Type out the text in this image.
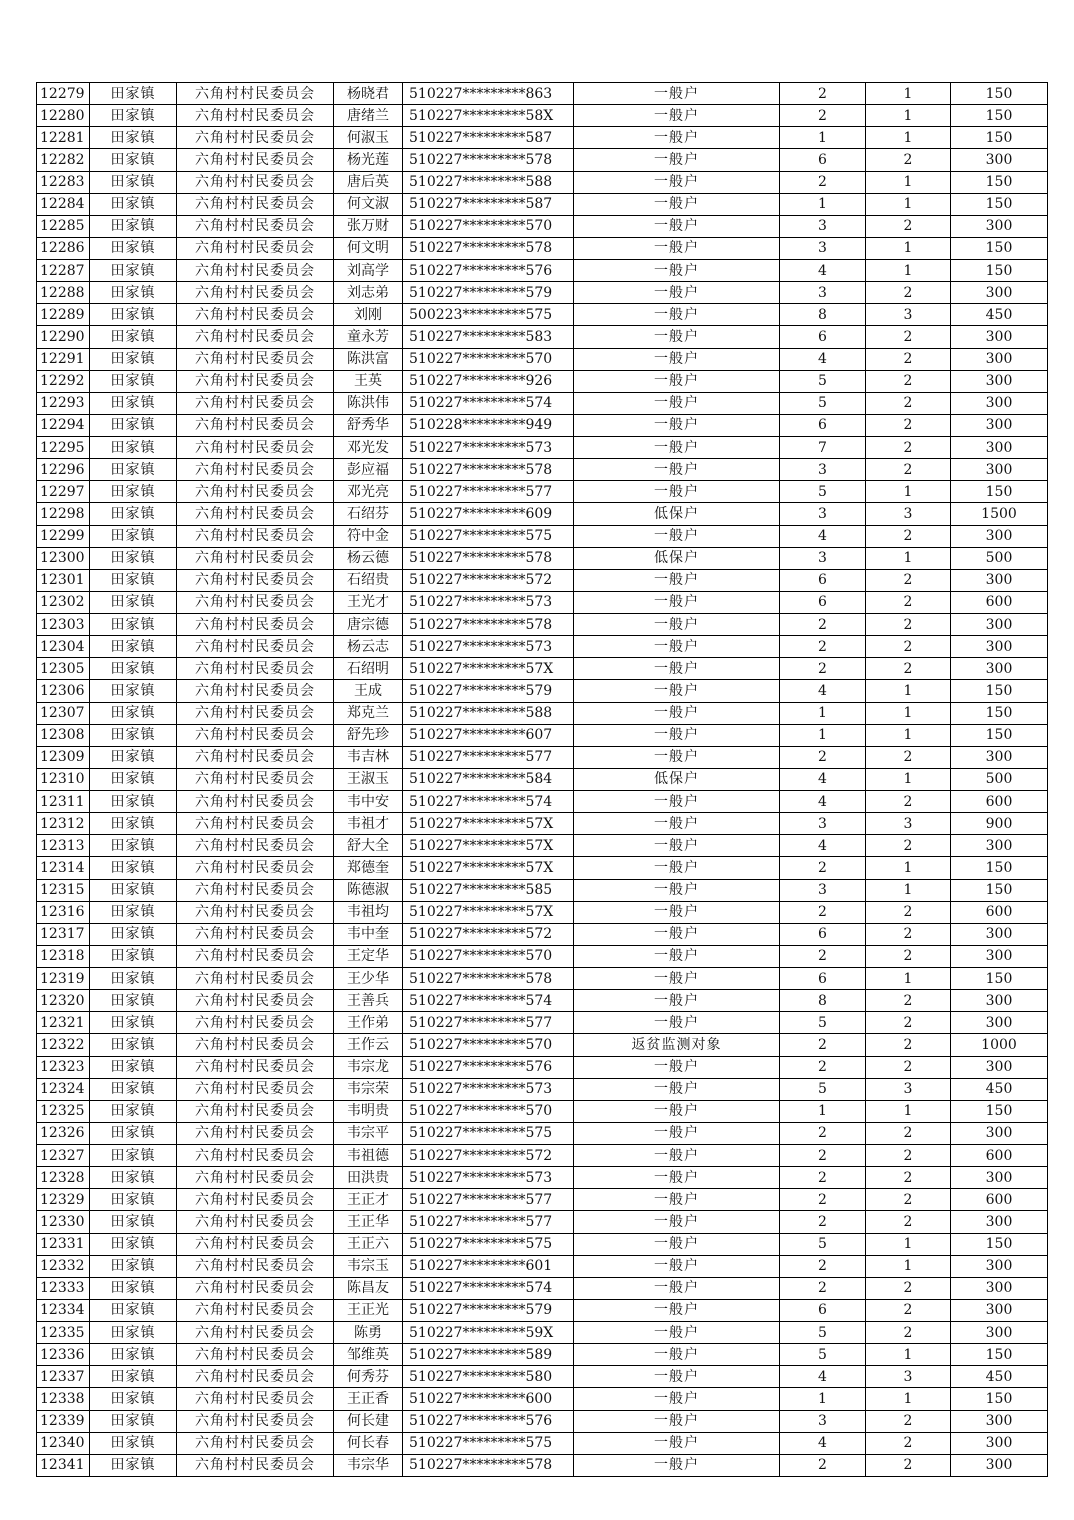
12279	田家镇	六角村村民委员会	杨晓君	510227*********863	一般户	2	1	150
12280	田家镇	六角村村民委员会	唐绪兰	510227*********58X	一般户	2	1	150
12281	田家镇	六角村村民委员会	何淑玉	510227*********587	一般户	1	1	150
12282	田家镇	六角村村民委员会	杨光莲	510227*********578	一般户	6	2	300
12283	田家镇	六角村村民委员会	唐后英	510227*********588	一般户	2	1	150
12284	田家镇	六角村村民委员会	何文淑	510227*********587	一般户	1	1	150
12285	田家镇	六角村村民委员会	张万财	510227*********570	一般户	3	2	300
12286	田家镇	六角村村民委员会	何文明	510227*********578	一般户	3	1	150
12287	田家镇	六角村村民委员会	刘高学	510227*********576	一般户	4	1	150
12288	田家镇	六角村村民委员会	刘志弟	510227*********579	一般户	3	2	300
12289	田家镇	六角村村民委员会	刘刚	500223*********575	一般户	8	3	450
12290	田家镇	六角村村民委员会	童永芳	510227*********583	一般户	6	2	300
12291	田家镇	六角村村民委员会	陈洪富	510227*********570	一般户	4	2	300
12292	田家镇	六角村村民委员会	王英	510227*********926	一般户	5	2	300
12293	田家镇	六角村村民委员会	陈洪伟	510227*********574	一般户	5	2	300
12294	田家镇	六角村村民委员会	舒秀华	510228*********949	一般户	6	2	300
12295	田家镇	六角村村民委员会	邓光发	510227*********573	一般户	7	2	300
12296	田家镇	六角村村民委员会	彭应福	510227*********578	一般户	3	2	300
12297	田家镇	六角村村民委员会	邓光亮	510227*********577	一般户	5	1	150
12298	田家镇	六角村村民委员会	石绍芬	510227*********609	低保户	3	3	1500
12299	田家镇	六角村村民委员会	符中金	510227*********575	一般户	4	2	300
12300	田家镇	六角村村民委员会	杨云德	510227*********578	低保户	3	1	500
12301	田家镇	六角村村民委员会	石绍贵	510227*********572	一般户	6	2	300
12302	田家镇	六角村村民委员会	王光才	510227*********573	一般户	6	2	600
12303	田家镇	六角村村民委员会	唐宗德	510227*********578	一般户	2	2	300
12304	田家镇	六角村村民委员会	杨云志	510227*********573	一般户	2	2	300
12305	田家镇	六角村村民委员会	石绍明	510227*********57X	一般户	2	2	300
12306	田家镇	六角村村民委员会	王成	510227*********579	一般户	4	1	150
12307	田家镇	六角村村民委员会	郑克兰	510227*********588	一般户	1	1	150
12308	田家镇	六角村村民委员会	舒先珍	510227*********607	一般户	1	1	150
12309	田家镇	六角村村民委员会	韦吉林	510227*********577	一般户	2	2	300
12310	田家镇	六角村村民委员会	王淑玉	510227*********584	低保户	4	1	500
12311	田家镇	六角村村民委员会	韦中安	510227*********574	一般户	4	2	600
12312	田家镇	六角村村民委员会	韦祖才	510227*********57X	一般户	3	3	900
12313	田家镇	六角村村民委员会	舒大全	510227*********57X	一般户	4	2	300
12314	田家镇	六角村村民委员会	郑德奎	510227*********57X	一般户	2	1	150
12315	田家镇	六角村村民委员会	陈德淑	510227*********585	一般户	3	1	150
12316	田家镇	六角村村民委员会	韦祖均	510227*********57X	一般户	2	2	600
12317	田家镇	六角村村民委员会	韦中奎	510227*********572	一般户	6	2	300
12318	田家镇	六角村村民委员会	王定华	510227*********570	一般户	2	2	300
12319	田家镇	六角村村民委员会	王少华	510227*********578	一般户	6	1	150
12320	田家镇	六角村村民委员会	王善兵	510227*********574	一般户	8	2	300
12321	田家镇	六角村村民委员会	王作弟	510227*********577	一般户	5	2	300
12322	田家镇	六角村村民委员会	王作云	510227*********570	返贫监测对象	2	2	1000
12323	田家镇	六角村村民委员会	韦宗龙	510227*********576	一般户	2	2	300
12324	田家镇	六角村村民委员会	韦宗荣	510227*********573	一般户	5	3	450
12325	田家镇	六角村村民委员会	韦明贵	510227*********570	一般户	1	1	150
12326	田家镇	六角村村民委员会	韦宗平	510227*********575	一般户	2	2	300
12327	田家镇	六角村村民委员会	韦祖德	510227*********572	一般户	2	2	600
12328	田家镇	六角村村民委员会	田洪贵	510227*********573	一般户	2	2	300
12329	田家镇	六角村村民委员会	王正才	510227*********577	一般户	2	2	600
12330	田家镇	六角村村民委员会	王正华	510227*********577	一般户	2	2	300
12331	田家镇	六角村村民委员会	王正六	510227*********575	一般户	5	1	150
12332	田家镇	六角村村民委员会	韦宗玉	510227*********601	一般户	2	1	300
12333	田家镇	六角村村民委员会	陈昌友	510227*********574	一般户	2	2	300
12334	田家镇	六角村村民委员会	王正光	510227*********579	一般户	6	2	300
12335	田家镇	六角村村民委员会	陈勇	510227*********59X	一般户	5	2	300
12336	田家镇	六角村村民委员会	邹维英	510227*********589	一般户	5	1	150
12337	田家镇	六角村村民委员会	何秀芬	510227*********580	一般户	4	3	450
12338	田家镇	六角村村民委员会	王正香	510227*********600	一般户	1	1	150
12339	田家镇	六角村村民委员会	何长建	510227*********576	一般户	3	2	300
12340	田家镇	六角村村民委员会	何长春	510227*********575	一般户	4	2	300
12341	田家镇	六角村村民委员会	韦宗华	510227*********578	一般户	2	2	300
